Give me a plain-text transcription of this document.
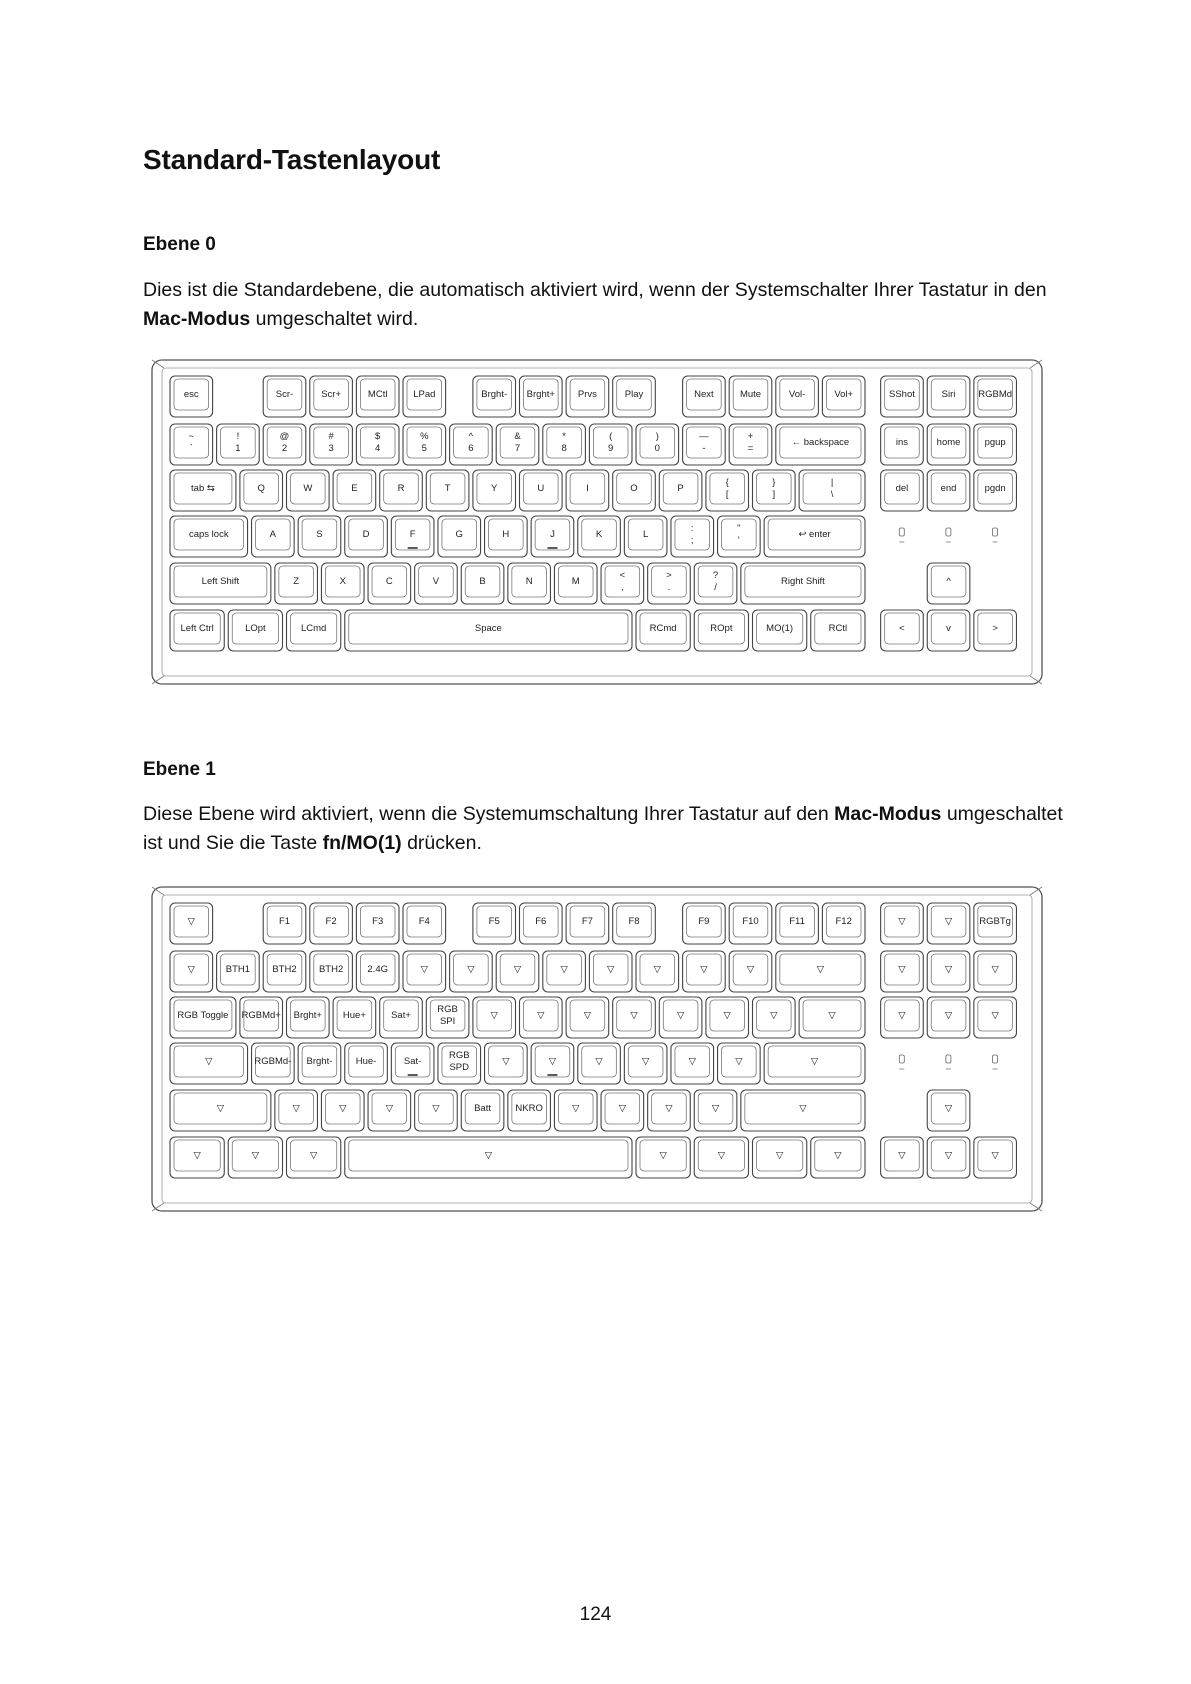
Standard-Tastenlayout
Ebene 0

Dies ist die Standardebene, die automatisch aktiviert wird, wenn der Systemschalter Ihrer Tastatur in den Mac-Modus umgeschaltet wird.

esc	Scr-	Scr+	MCtl	LPad	Brght- Brght+ Prvs	Play	Next	Mute	Vol-	Vol+	SShot	Siri RGBMd
~
`
!
1
@
2
#
3
$
4
%
5
^
6
&
7
*
8
(
9
)
0
—
-
+
=
← backspace	ins	home	pgup
tab ⇆	Q	W	E	R	T	Y	U	I	O	P
{
[
}
]
|
\
del	end	pgdn
caps lock	A	S	D	F	G	H	J	K	L
:
;
"
'
↩ enter
Left Shift	Z	X	C	V	B	N	M
<
,
>
.
?
/
Right Shift	^
Left Ctrl	LOpt	LCmd	Space	RCmd	ROpt	MO(1)	RCtl	<	v	>
Ebene 1

Diese Ebene wird aktiviert, wenn die Systemumschaltung Ihrer Tastatur auf den Mac-Modus umgeschaltet ist und Sie die Taste fn/MO(1) drücken.

▽	F1	F2	F3	F4	F5	F6	F7	F8	F9	F10	F11	F12	▽	▽	RGBTg
▽	BTH1 BTH2 BTH2	2.4G	▽	▽	▽	▽	▽	▽	▽	▽	▽	▽	▽	▽
RGB Toggle RGBMd+ Brght+ Hue+	Sat+
RGB
SPI
▽	▽	▽	▽	▽	▽	▽	▽	▽	▽	▽
▽	RGBMd- Brght- Hue-	Sat-
RGB
SPD
▽	▽	▽	▽	▽	▽	▽
▽	▽	▽	▽	▽	Batt	NKRO	▽	▽	▽	▽	▽	▽
▽	▽	▽	▽	▽	▽	▽	▽	▽	▽	▽
124
